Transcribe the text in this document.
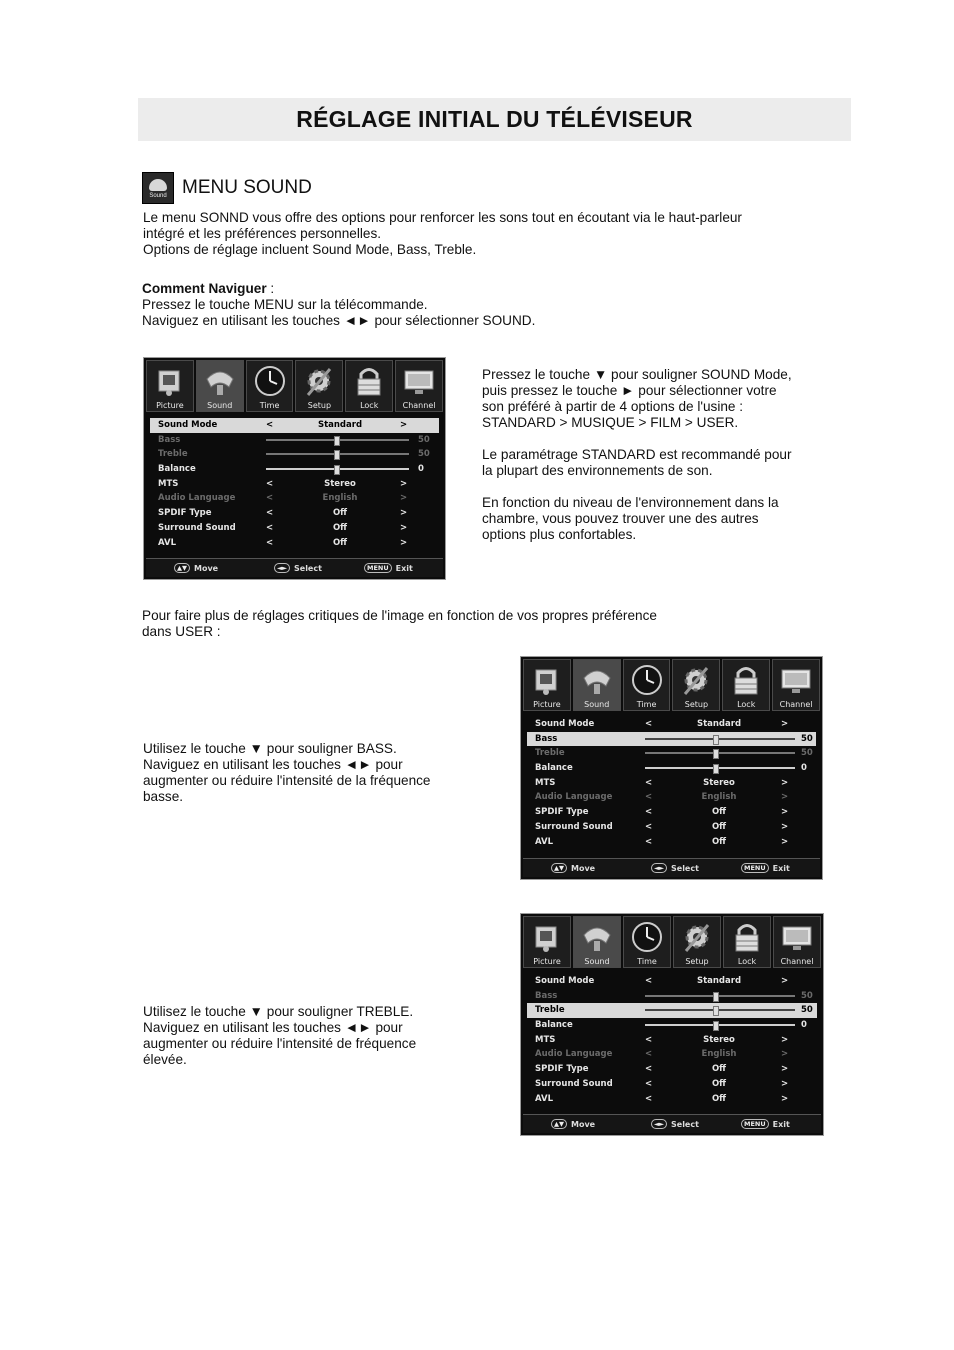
RÉGLAGE INITIAL DU TÉLÉVISEUR
Sound MENU SOUND
Le menu SONND vous offre des options pour renforcer les sons tout en écoutant via le haut-parleur
intégré et les préférences personnelles.
Options de réglage incluent Sound Mode, Bass, Treble.
Comment Naviguer :
Pressez le touche MENU sur la télécommande.
Naviguez en utilisant les touches ◄► pour sélectionner SOUND.
Picture	Sound	Time	Setup	Lock	Channel
Sound Mode	<	Standard	>
Bass	50
Treble	50
Balance	0
MTS	<	Stereo	>
Audio Language	<	English	>
SPDIF Type	<	Off	>
Surround Sound	<	Off	>
AVL	<	Off	>
▲▼ Move	◄► Select	MENU Exit

Pressez le touche ▼ pour souligner SOUND Mode,
puis pressez le touche ► pour sélectionner votre
son préféré à partir de 4 options de l'usine :
STANDARD > MUSIQUE > FILM > USER.

Le paramétrage STANDARD est recommandé pour
la plupart des environnements de son.

En fonction du niveau de l'environnement dans la
chambre, vous pouvez trouver une des autres
options plus confortables.

Pour faire plus de réglages critiques de l'image en fonction de vos propres préférence
dans USER :
Utilisez le touche ▼ pour souligner BASS.
Naviguez en utilisant les touches ◄► pour
augmenter ou réduire l'intensité de la fréquence
basse.
Picture	Sound	Time	Setup	Lock	Channel
Sound Mode	<	Standard	>
Bass	50
Treble	50
Balance	0
MTS	<	Stereo	>
Audio Language	<	English	>
SPDIF Type	<	Off	>
Surround Sound	<	Off	>
AVL	<	Off	>
▲▼ Move	◄► Select	MENU Exit
Utilisez le touche ▼ pour souligner TREBLE.
Naviguez en utilisant les touches ◄► pour
augmenter ou réduire l'intensité de fréquence
élevée.
Picture	Sound	Time	Setup	Lock	Channel
Sound Mode	<	Standard	>
Bass	50
Treble	50
Balance	0
MTS	<	Stereo	>
Audio Language	<	English	>
SPDIF Type	<	Off	>
Surround Sound	<	Off	>
AVL	<	Off	>
▲▼ Move	◄► Select	MENU Exit
